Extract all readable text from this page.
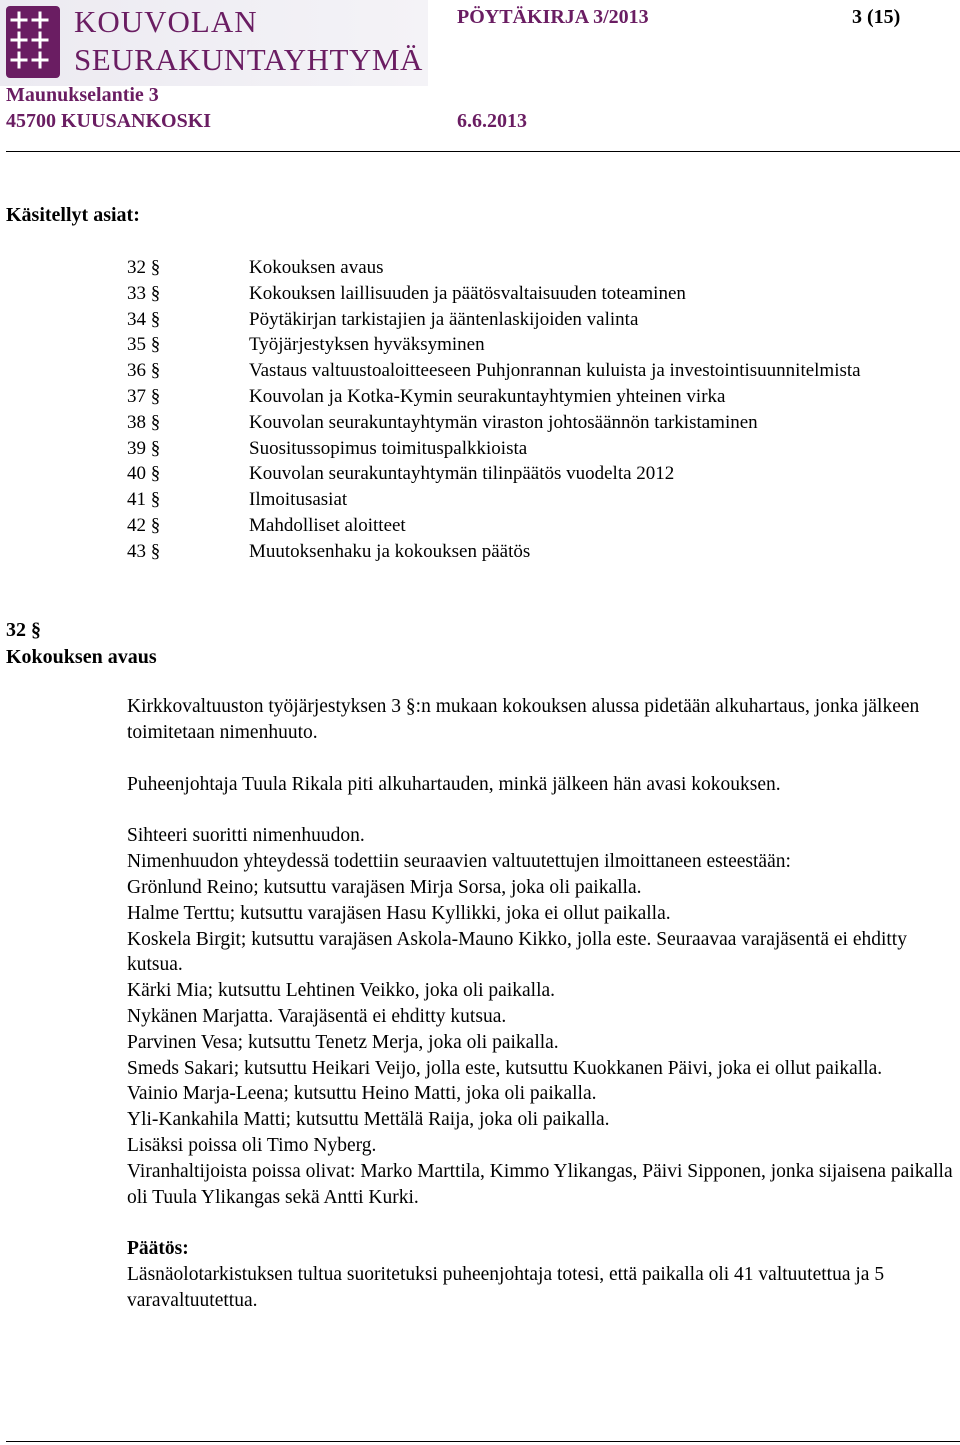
KOUVOLAN
SEURAKUNTAYHTYMÄ
PÖYTÄKIRJA 3/2013	3 (15)
Maunukselantie 3
45700 KUUSANKOSKI	6.6.2013
Käsitellyt asiat:
32 §	Kokouksen avaus
33 §	Kokouksen laillisuuden ja päätösvaltaisuuden toteaminen
34 §	Pöytäkirjan tarkistajien ja ääntenlaskijoiden valinta
35 §	Työjärjestyksen hyväksyminen
36 §	Vastaus valtuustoaloitteeseen Puhjonrannan kuluista ja investointisuunnitelmista
37 §	Kouvolan ja Kotka-Kymin seurakuntayhtymien yhteinen virka
38 §	Kouvolan seurakuntayhtymän viraston johtosäännön tarkistaminen
39 §	Suositussopimus toimituspalkkioista
40 §	Kouvolan seurakuntayhtymän tilinpäätös vuodelta 2012
41 §	Ilmoitusasiat
42 §	Mahdolliset aloitteet
43 §	Muutoksenhaku ja kokouksen päätös
32 §
Kokouksen avaus

Kirkkovaltuuston työjärjestyksen 3 §:n mukaan kokouksen alussa pidetään alkuhartaus, jonka jälkeen toimitetaan nimenhuuto.

Puheenjohtaja Tuula Rikala piti alkuhartauden, minkä jälkeen hän avasi kokouksen.

Sihteeri suoritti nimenhuudon.

Nimenhuudon yhteydessä todettiin seuraavien valtuutettujen ilmoittaneen esteestään:

Grönlund Reino; kutsuttu varajäsen Mirja Sorsa, joka oli paikalla.

Halme Terttu; kutsuttu varajäsen Hasu Kyllikki, joka ei ollut paikalla.

Koskela Birgit; kutsuttu varajäsen Askola-Mauno Kikko, jolla este. Seuraavaa varajäsentä ei ehditty kutsua.

Kärki Mia; kutsuttu Lehtinen Veikko, joka oli paikalla.

Nykänen Marjatta. Varajäsentä ei ehditty kutsua.

Parvinen Vesa; kutsuttu Tenetz Merja, joka oli paikalla.

Smeds Sakari; kutsuttu Heikari Veijo, jolla este, kutsuttu Kuokkanen Päivi, joka ei ollut paikalla.

Vainio Marja-Leena; kutsuttu Heino Matti, joka oli paikalla.

Yli-Kankahila Matti; kutsuttu Mettälä Raija, joka oli paikalla.

Lisäksi poissa oli Timo Nyberg.

Viranhaltijoista poissa olivat: Marko Marttila, Kimmo Ylikangas, Päivi Sipponen, jonka sijaisena paikalla oli Tuula Ylikangas sekä Antti Kurki.

Päätös:

Läsnäolotarkistuksen tultua suoritetuksi puheenjohtaja totesi, että paikalla oli 41 valtuutettua ja 5 varavaltuutettua.
